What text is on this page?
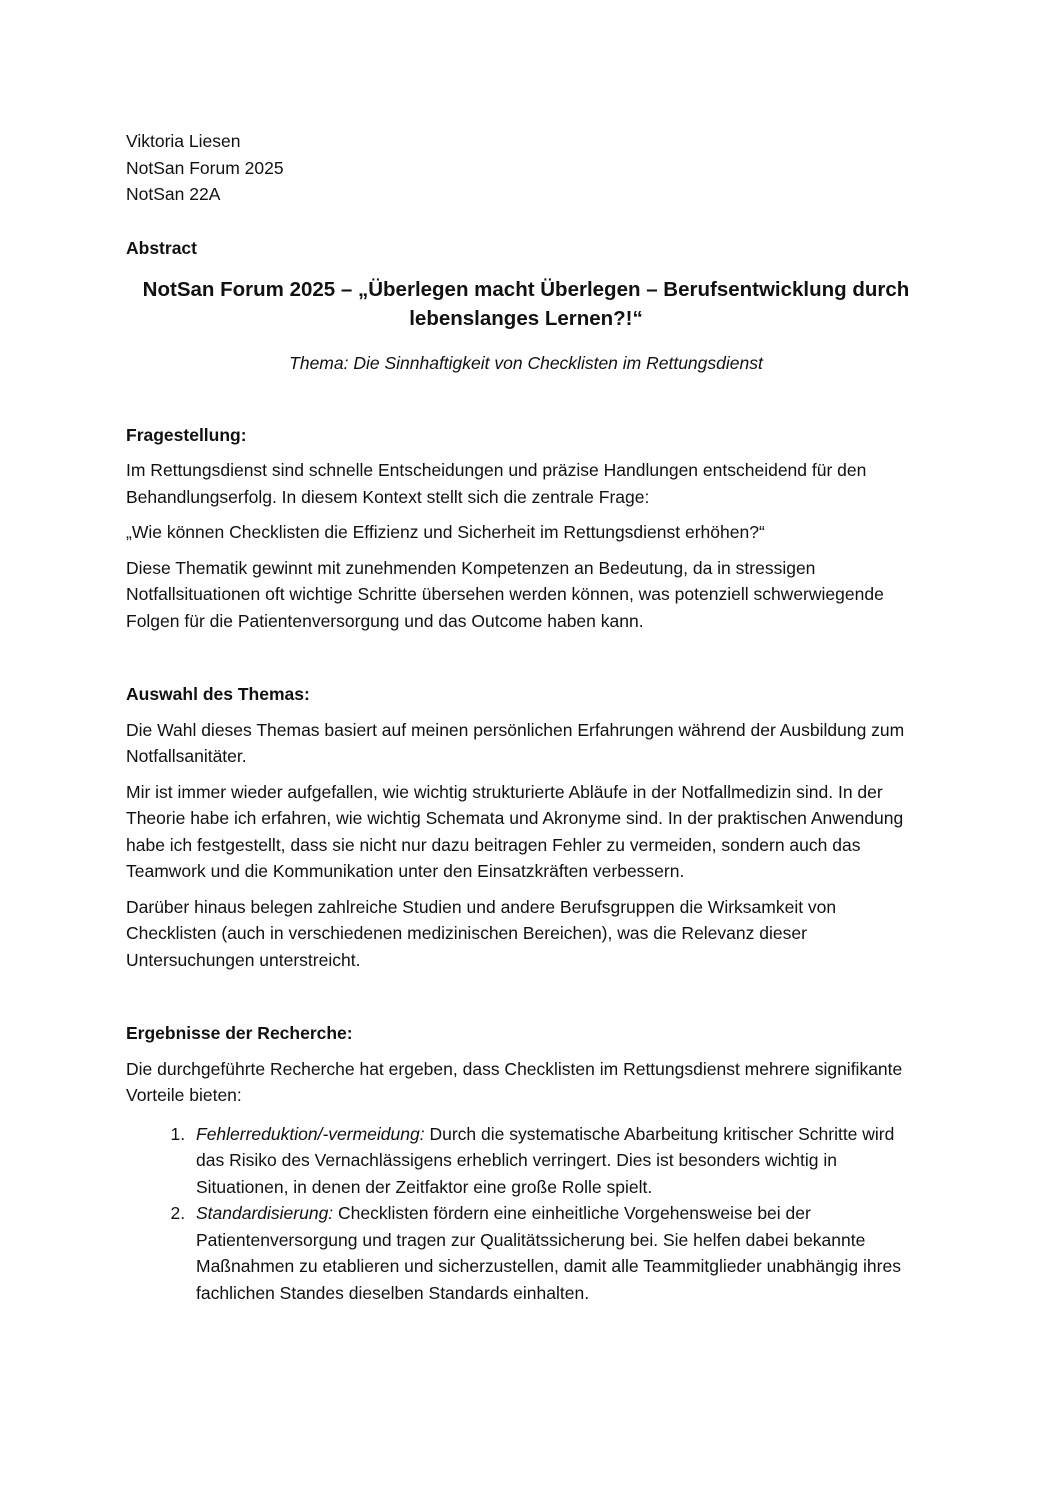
Viktoria Liesen
NotSan Forum 2025
NotSan 22A
Abstract
NotSan Forum 2025 – „Überlegen macht Überlegen – Berufsentwicklung durch lebenslanges Lernen?!“
Thema: Die Sinnhaftigkeit von Checklisten im Rettungsdienst
Fragestellung:

Im Rettungsdienst sind schnelle Entscheidungen und präzise Handlungen entscheidend für den Behandlungserfolg. In diesem Kontext stellt sich die zentrale Frage:

„Wie können Checklisten die Effizienz und Sicherheit im Rettungsdienst erhöhen?“

Diese Thematik gewinnt mit zunehmenden Kompetenzen an Bedeutung, da in stressigen Notfallsituationen oft wichtige Schritte übersehen werden können, was potenziell schwerwiegende Folgen für die Patientenversorgung und das Outcome haben kann.

Auswahl des Themas:

Die Wahl dieses Themas basiert auf meinen persönlichen Erfahrungen während der Ausbildung zum Notfallsanitäter.

Mir ist immer wieder aufgefallen, wie wichtig strukturierte Abläufe in der Notfallmedizin sind. In der Theorie habe ich erfahren, wie wichtig Schemata und Akronyme sind. In der praktischen Anwendung habe ich festgestellt, dass sie nicht nur dazu beitragen Fehler zu vermeiden, sondern auch das Teamwork und die Kommunikation unter den Einsatzkräften verbessern.

Darüber hinaus belegen zahlreiche Studien und andere Berufsgruppen die Wirksamkeit von Checklisten (auch in verschiedenen medizinischen Bereichen), was die Relevanz dieser Untersuchungen unterstreicht.

Ergebnisse der Recherche:

Die durchgeführte Recherche hat ergeben, dass Checklisten im Rettungsdienst mehrere signifikante Vorteile bieten:

1. Fehlerreduktion/-vermeidung: Durch die systematische Abarbeitung kritischer Schritte wird das Risiko des Vernachlässigens erheblich verringert. Dies ist besonders wichtig in Situationen, in denen der Zeitfaktor eine große Rolle spielt.
2. Standardisierung: Checklisten fördern eine einheitliche Vorgehensweise bei der Patientenversorgung und tragen zur Qualitätssicherung bei. Sie helfen dabei bekannte Maßnahmen zu etablieren und sicherzustellen, damit alle Teammitglieder unabhängig ihres fachlichen Standes dieselben Standards einhalten.
